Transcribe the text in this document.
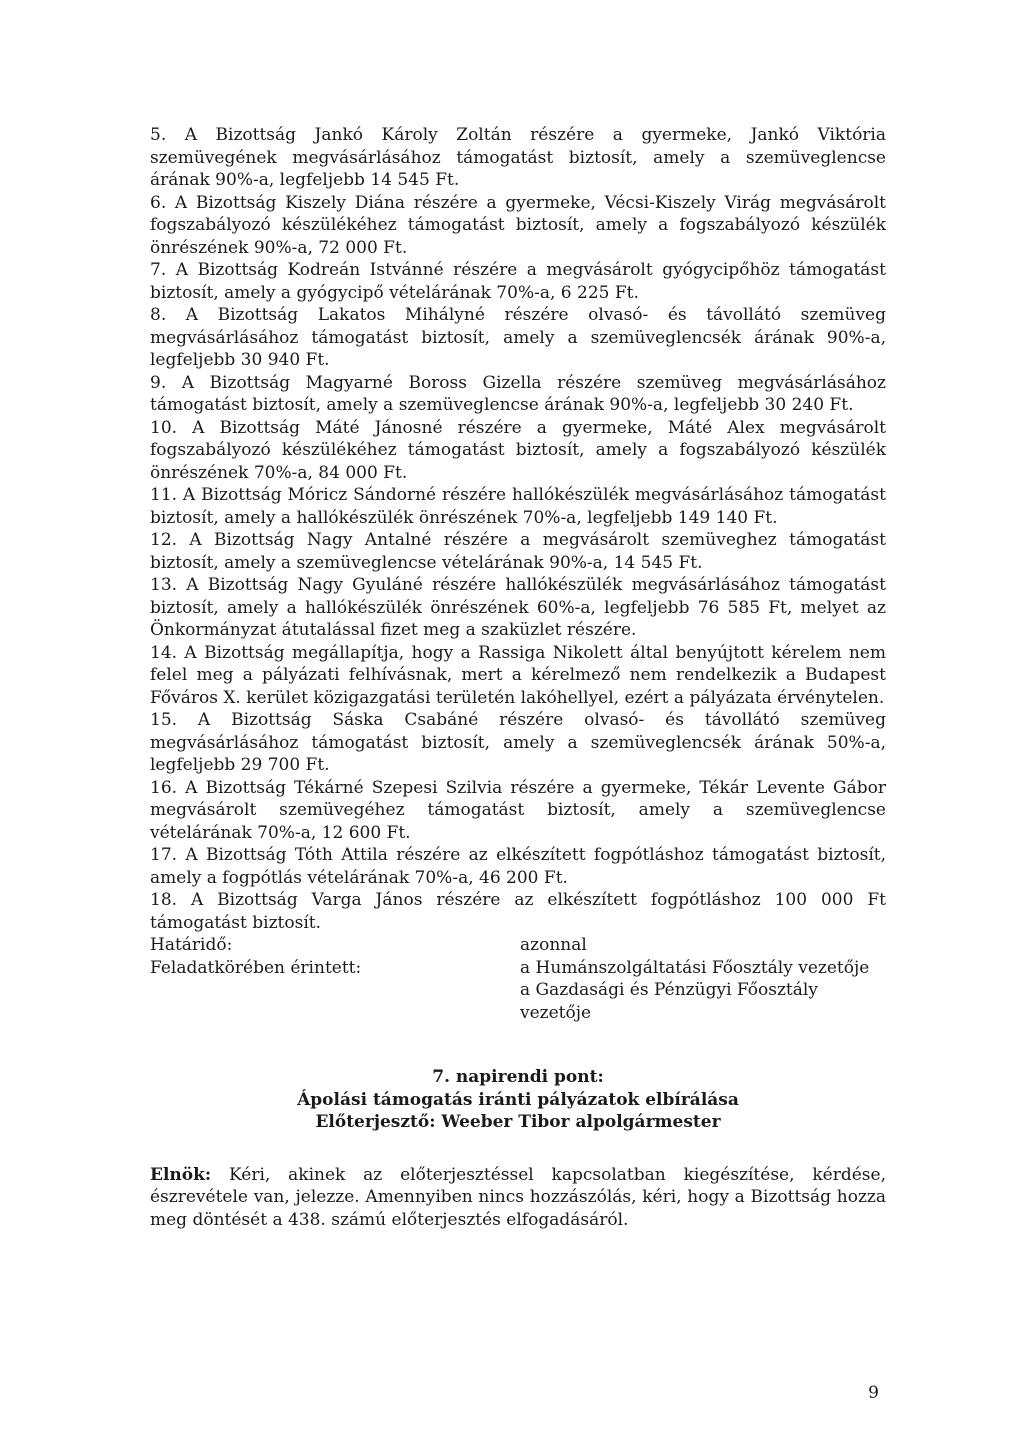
5. A Bizottság Jankó Károly Zoltán részére a gyermeke, Jankó Viktória szemüvegének megvásárlásához támogatást biztosít, amely a szemüveglencse árának 90%-a, legfeljebb 14 545 Ft.

6. A Bizottság Kiszely Diána részére a gyermeke, Vécsi-Kiszely Virág megvásárolt fogszabályozó készülékéhez támogatást biztosít, amely a fogszabályozó készülék önrészének 90%-a, 72 000 Ft.

7. A Bizottság Kodreán Istvánné részére a megvásárolt gyógycipőhöz támogatást biztosít, amely a gyógycipő vételárának 70%-a, 6 225 Ft.

8. A Bizottság Lakatos Mihályné részére olvasó- és távollátó szemüveg megvásárlásához támogatást biztosít, amely a szemüveglencsék árának 90%-a, legfeljebb 30 940 Ft.

9. A Bizottság Magyarné Boross Gizella részére szemüveg megvásárlásához támogatást biztosít, amely a szemüveglencse árának 90%-a, legfeljebb 30 240 Ft.

10. A Bizottság Máté Jánosné részére a gyermeke, Máté Alex megvásárolt fogszabályozó készülékéhez támogatást biztosít, amely a fogszabályozó készülék önrészének 70%-a, 84 000 Ft.

11. A Bizottság Móricz Sándorné részére hallókészülék megvásárlásához támogatást biztosít, amely a hallókészülék önrészének 70%-a, legfeljebb 149 140 Ft.

12. A Bizottság Nagy Antalné részére a megvásárolt szemüveghez támogatást biztosít, amely a szemüveglencse vételárának 90%-a, 14 545 Ft.

13. A Bizottság Nagy Gyuláné részére hallókészülék megvásárlásához támogatást biztosít, amely a hallókészülék önrészének 60%-a, legfeljebb 76 585 Ft, melyet az Önkormányzat átutalással fizet meg a szaküzlet részére.

14. A Bizottság megállapítja, hogy a Rassiga Nikolett által benyújtott kérelem nem felel meg a pályázati felhívásnak, mert a kérelmező nem rendelkezik a Budapest Főváros X. kerület közigazgatási területén lakóhellyel, ezért a pályázata érvénytelen.

15. A Bizottság Sáska Csabáné részére olvasó- és távollátó szemüveg megvásárlásához támogatást biztosít, amely a szemüveglencsék árának 50%-a, legfeljebb 29 700 Ft.

16. A Bizottság Tékárné Szepesi Szilvia részére a gyermeke, Tékár Levente Gábor megvásárolt szemüvegéhez támogatást biztosít, amely a szemüveglencse vételárának 70%-a, 12 600 Ft.

17. A Bizottság Tóth Attila részére az elkészített fogpótláshoz támogatást biztosít, amely a fogpótlás vételárának 70%-a, 46 200 Ft.

18. A Bizottság Varga János részére az elkészített fogpótláshoz 100 000 Ft támogatást biztosít.

Határidő:	azonnal
Feladatkörében érintett:	a Humánszolgáltatási Főosztály vezetője
a Gazdasági és Pénzügyi Főosztály vezetője
7. napirendi pont:
Ápolási támogatás iránti pályázatok elbírálása
Előterjesztő: Weeber Tibor alpolgármester

Elnök: Kéri, akinek az előterjesztéssel kapcsolatban kiegészítése, kérdése, észrevétele van, jelezze. Amennyiben nincs hozzászólás, kéri, hogy a Bizottság hozza meg döntését a 438. számú előterjesztés elfogadásáról.

9
